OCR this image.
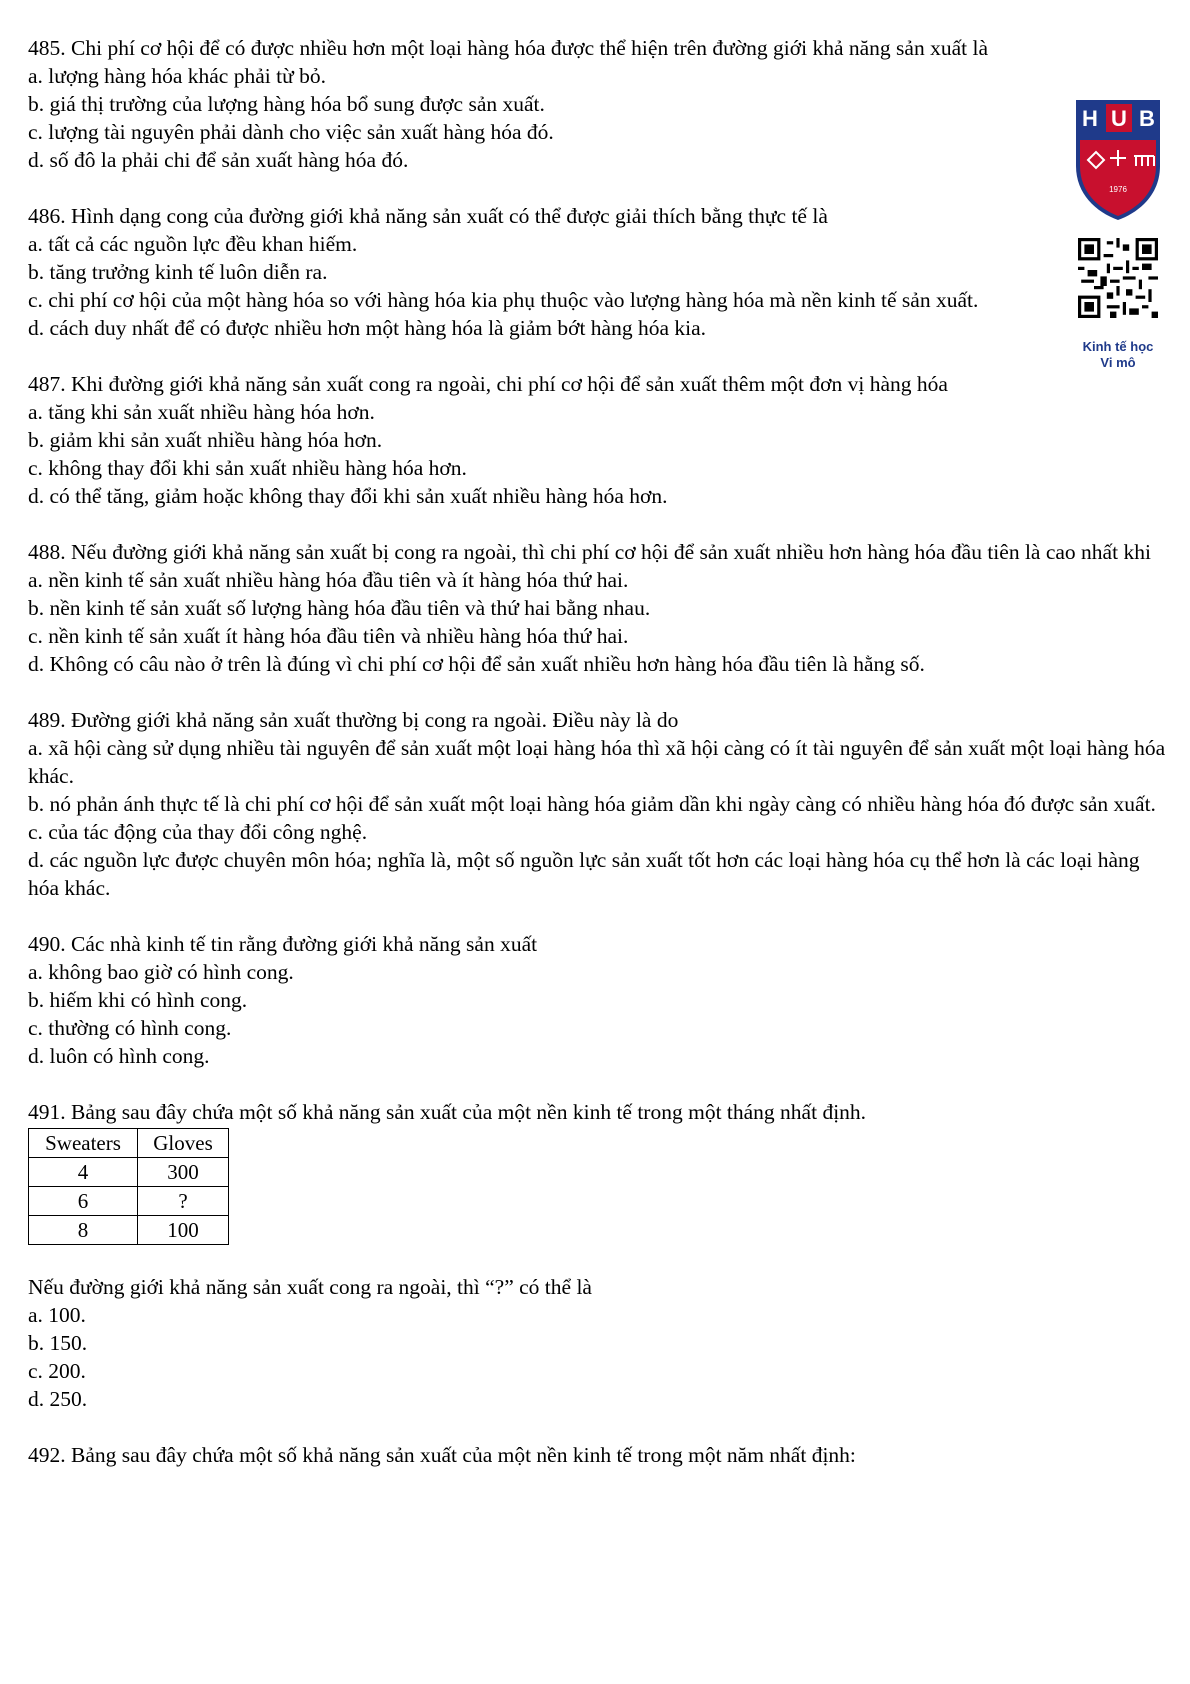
485. Chi phí cơ hội để có được nhiều hơn một loại hàng hóa được thể hiện trên đường giới khả năng sản xuất là

a. lượng hàng hóa khác phải từ bỏ.

b. giá thị trường của lượng hàng hóa bổ sung được sản xuất.

c. lượng tài nguyên phải dành cho việc sản xuất hàng hóa đó.

d. số đô la phải chi để sản xuất hàng hóa đó.

486. Hình dạng cong của đường giới khả năng sản xuất có thể được giải thích bằng thực tế là

a. tất cả các nguồn lực đều khan hiếm.

b. tăng trưởng kinh tế luôn diễn ra.

c. chi phí cơ hội của một hàng hóa so với hàng hóa kia phụ thuộc vào lượng hàng hóa mà nền kinh tế sản xuất.

d. cách duy nhất để có được nhiều hơn một hàng hóa là giảm bớt hàng hóa kia.

487. Khi đường giới khả năng sản xuất cong ra ngoài, chi phí cơ hội để sản xuất thêm một đơn vị hàng hóa

a. tăng khi sản xuất nhiều hàng hóa hơn.

b. giảm khi sản xuất nhiều hàng hóa hơn.

c. không thay đổi khi sản xuất nhiều hàng hóa hơn.

d. có thể tăng, giảm hoặc không thay đổi khi sản xuất nhiều hàng hóa hơn.

488. Nếu đường giới khả năng sản xuất bị cong ra ngoài, thì chi phí cơ hội để sản xuất nhiều hơn hàng hóa đầu tiên là cao nhất khi

a. nền kinh tế sản xuất nhiều hàng hóa đầu tiên và ít hàng hóa thứ hai.

b. nền kinh tế sản xuất số lượng hàng hóa đầu tiên và thứ hai bằng nhau.

c. nền kinh tế sản xuất ít hàng hóa đầu tiên và nhiều hàng hóa thứ hai.

d. Không có câu nào ở trên là đúng vì chi phí cơ hội để sản xuất nhiều hơn hàng hóa đầu tiên là hằng số.

489. Đường giới khả năng sản xuất thường bị cong ra ngoài. Điều này là do

a. xã hội càng sử dụng nhiều tài nguyên để sản xuất một loại hàng hóa thì xã hội càng có ít tài nguyên để sản xuất một loại hàng hóa khác.

b. nó phản ánh thực tế là chi phí cơ hội để sản xuất một loại hàng hóa giảm dần khi ngày càng có nhiều hàng hóa đó được sản xuất.

c. của tác động của thay đổi công nghệ.

d. các nguồn lực được chuyên môn hóa; nghĩa là, một số nguồn lực sản xuất tốt hơn các loại hàng hóa cụ thể hơn là các loại hàng hóa khác.

490. Các nhà kinh tế tin rằng đường giới khả năng sản xuất

a. không bao giờ có hình cong.

b. hiếm khi có hình cong.

c. thường có hình cong.

d. luôn có hình cong.

491. Bảng sau đây chứa một số khả năng sản xuất của một nền kinh tế trong một tháng nhất định.

Sweaters	Gloves
4	300
6	?
8	100

Nếu đường giới khả năng sản xuất cong ra ngoài, thì “?” có thể là

a. 100.

b. 150.

c. 200.

d. 250.

492. Bảng sau đây chứa một số khả năng sản xuất của một nền kinh tế trong một năm nhất định:

H U B
1976
Kinh tế học
Vi mô
